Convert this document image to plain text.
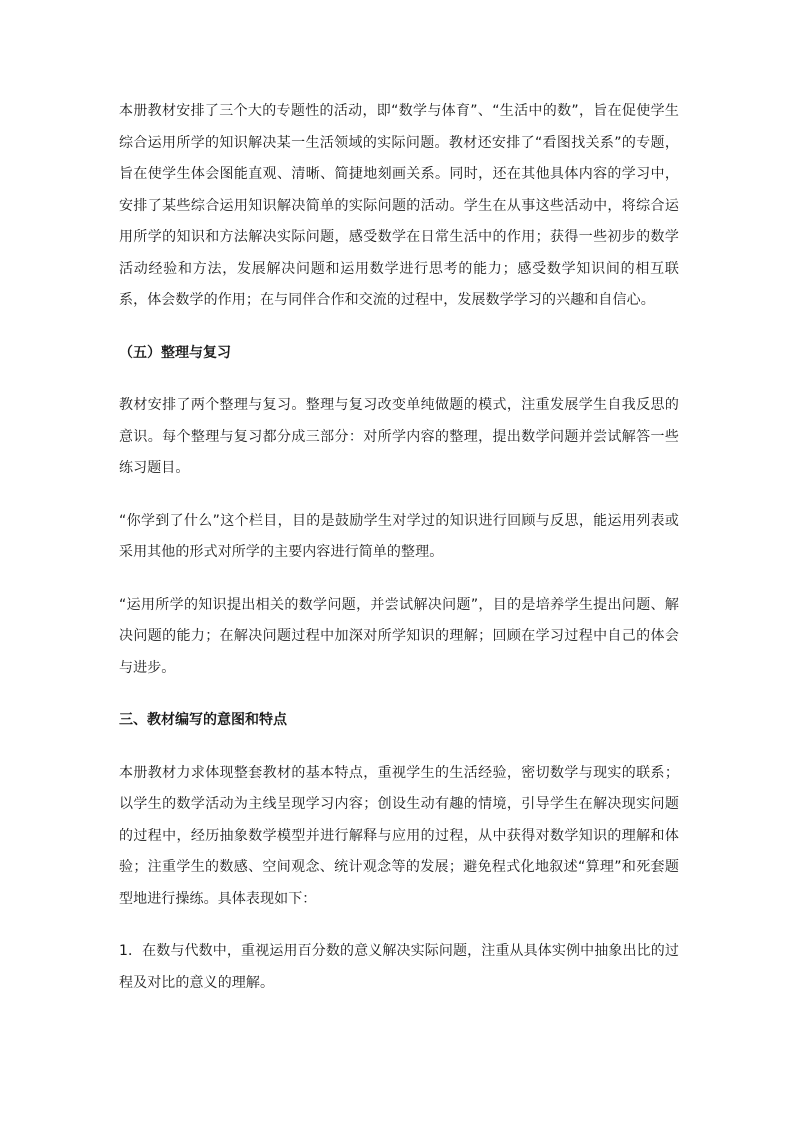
本册教材安排了三个大的专题性的活动，即“数学与体育”、“生活中的数”，旨在促使学生综合运用所学的知识解决某一生活领域的实际问题。教材还安排了“看图找关系”的专题，旨在使学生体会图能直观、清晰、简捷地刻画关系。同时，还在其他具体内容的学习中，安排了某些综合运用知识解决简单的实际问题的活动。学生在从事这些活动中，将综合运用所学的知识和方法解决实际问题，感受数学在日常生活中的作用；获得一些初步的数学活动经验和方法，发展解决问题和运用数学进行思考的能力；感受数学知识间的相互联系，体会数学的作用；在与同伴合作和交流的过程中，发展数学学习的兴趣和自信心。

（五）整理与复习

教材安排了两个整理与复习。整理与复习改变单纯做题的模式，注重发展学生自我反思的意识。每个整理与复习都分成三部分：对所学内容的整理，提出数学问题并尝试解答一些练习题目。

“你学到了什么”这个栏目，目的是鼓励学生对学过的知识进行回顾与反思，能运用列表或采用其他的形式对所学的主要内容进行简单的整理。

“运用所学的知识提出相关的数学问题，并尝试解决问题”，目的是培养学生提出问题、解决问题的能力；在解决问题过程中加深对所学知识的理解；回顾在学习过程中自己的体会与进步。

三、教材编写的意图和特点

本册教材力求体现整套教材的基本特点，重视学生的生活经验，密切数学与现实的联系；以学生的数学活动为主线呈现学习内容；创设生动有趣的情境，引导学生在解决现实问题的过程中，经历抽象数学模型并进行解释与应用的过程，从中获得对数学知识的理解和体验；注重学生的数感、空间观念、统计观念等的发展；避免程式化地叙述“算理”和死套题型地进行操练。具体表现如下：

1．在数与代数中，重视运用百分数的意义解决实际问题，注重从具体实例中抽象出比的过程及对比的意义的理解。
